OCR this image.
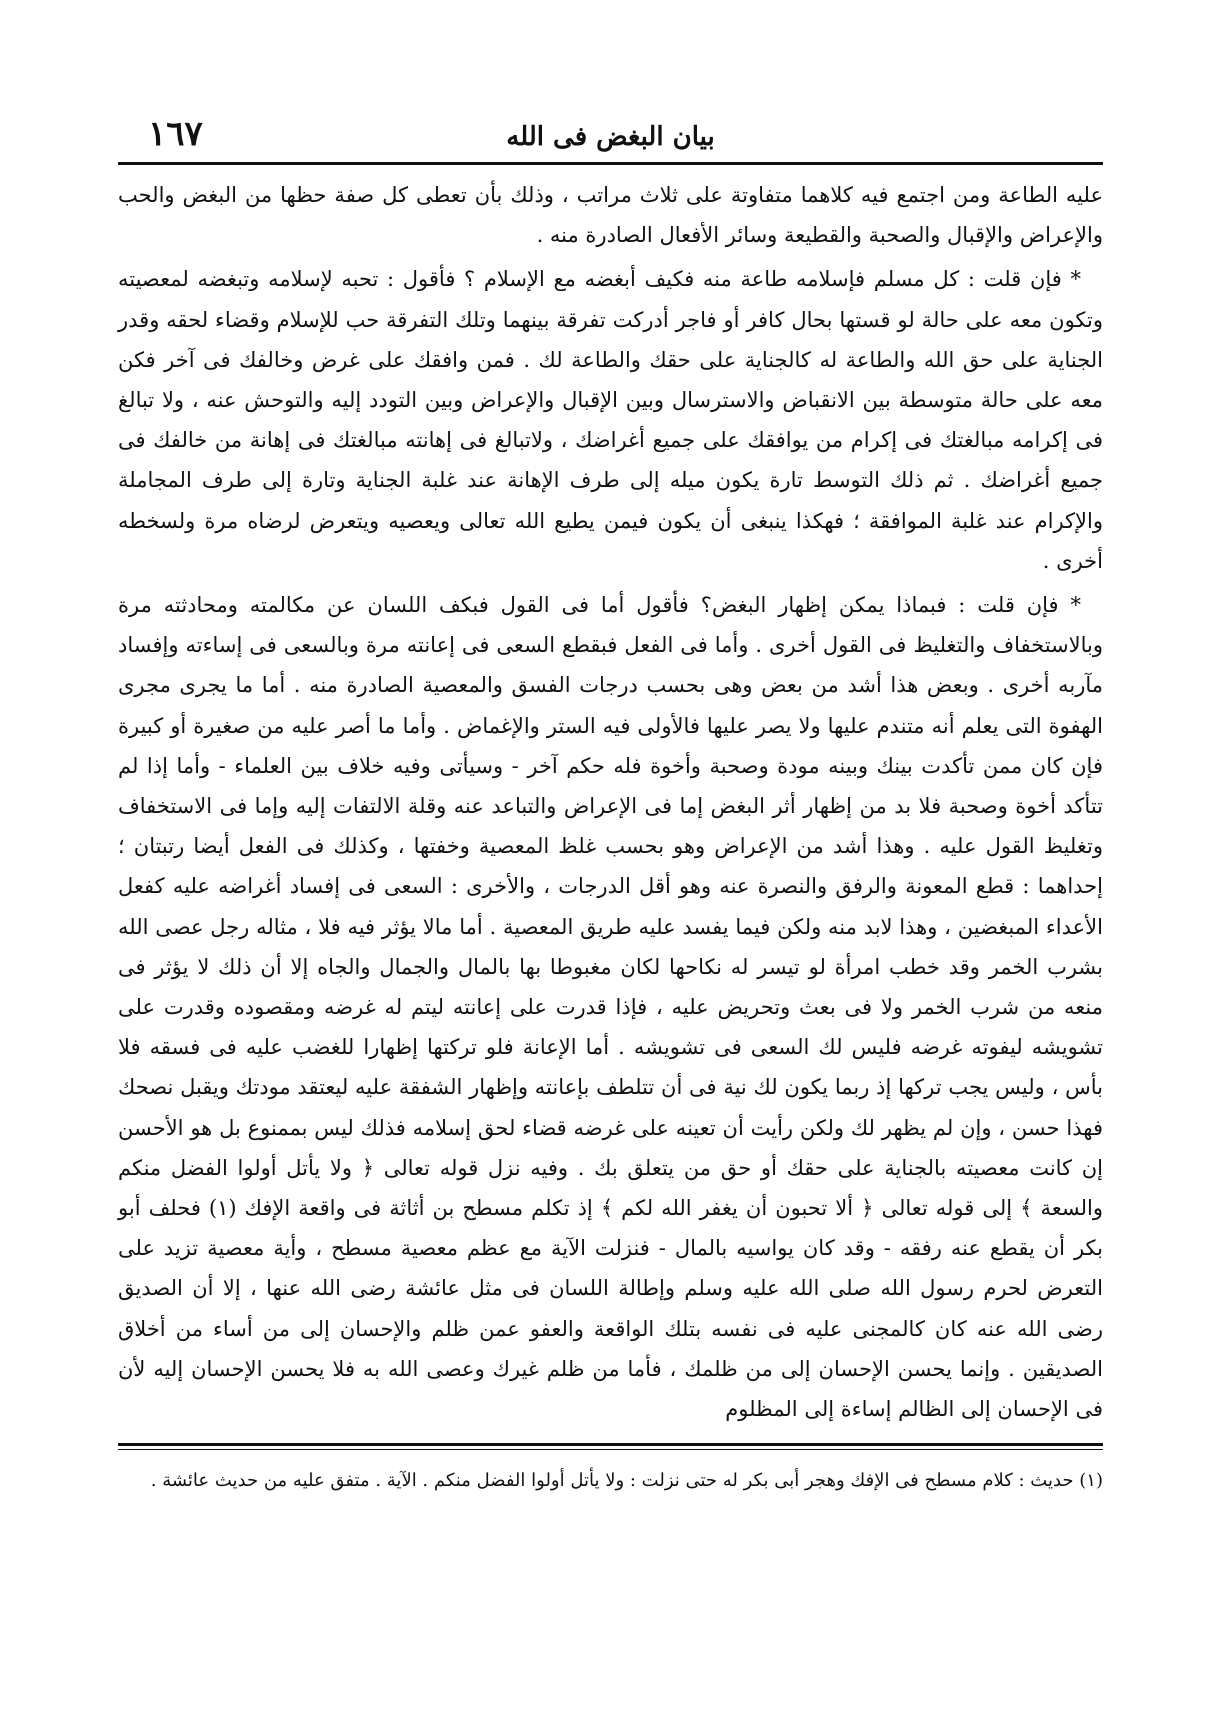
بيان البغض فى الله
١٦٧

عليه الطاعة ومن اجتمع فيه كلاهما متفاوتة على ثلاث مراتب ، وذلك بأن تعطى كل صفة حظها من البغض والحب والإعراض والإقبال والصحبة والقطيعة وسائر الأفعال الصادرة منه .

* فإن قلت : كل مسلم فإسلامه طاعة منه فكيف أبغضه مع الإسلام ؟ فأقول : تحبه لإسلامه وتبغضه لمعصيته وتكون معه على حالة لو قستها بحال كافر أو فاجر أدركت تفرقة بينهما وتلك التفرقة حب للإسلام وقضاء لحقه وقدر الجناية على حق الله والطاعة له كالجناية على حقك والطاعة لك . فمن وافقك على غرض وخالفك فى آخر فكن معه على حالة متوسطة بين الانقباض والاسترسال وبين الإقبال والإعراض وبين التودد إليه والتوحش عنه ، ولا تبالغ فى إكرامه مبالغتك فى إكرام من يوافقك على جميع أغراضك ، ولاتبالغ فى إهانته مبالغتك فى إهانة من خالفك فى جميع أغراضك . ثم ذلك التوسط تارة يكون ميله إلى طرف الإهانة عند غلبة الجناية وتارة إلى طرف المجاملة والإكرام عند غلبة الموافقة ؛ فهكذا ينبغى أن يكون فيمن يطيع الله تعالى ويعصيه ويتعرض لرضاه مرة ولسخطه أخرى .

* فإن قلت : فبماذا يمكن إظهار البغض؟ فأقول أما فى القول فبكف اللسان عن مكالمته ومحادثته مرة وبالاستخفاف والتغليظ فى القول أخرى . وأما فى الفعل فبقطع السعى فى إعانته مرة وبالسعى فى إساءته وإفساد مآربه أخرى . وبعض هذا أشد من بعض وهى بحسب درجات الفسق والمعصية الصادرة منه . أما ما يجرى مجرى الهفوة التى يعلم أنه متندم عليها ولا يصر عليها فالأولى فيه الستر والإغماض . وأما ما أصر عليه من صغيرة أو كبيرة فإن كان ممن تأكدت بينك وبينه مودة وصحبة وأخوة فله حكم آخر - وسيأتى وفيه خلاف بين العلماء - وأما إذا لم تتأكد أخوة وصحبة فلا بد من إظهار أثر البغض إما فى الإعراض والتباعد عنه وقلة الالتفات إليه وإما فى الاستخفاف وتغليظ القول عليه . وهذا أشد من الإعراض وهو بحسب غلظ المعصية وخفتها ، وكذلك فى الفعل أيضا رتبتان ؛ إحداهما : قطع المعونة والرفق والنصرة عنه وهو أقل الدرجات ، والأخرى : السعى فى إفساد أغراضه عليه كفعل الأعداء المبغضين ، وهذا لابد منه ولكن فيما يفسد عليه طريق المعصية . أما مالا يؤثر فيه فلا ، مثاله رجل عصى الله بشرب الخمر وقد خطب امرأة لو تيسر له نكاحها لكان مغبوطا بها بالمال والجمال والجاه إلا أن ذلك لا يؤثر فى منعه من شرب الخمر ولا فى بعث وتحريض عليه ، فإذا قدرت على إعانته ليتم له غرضه ومقصوده وقدرت على تشويشه ليفوته غرضه فليس لك السعى فى تشويشه . أما الإعانة فلو تركتها إظهارا للغضب عليه فى فسقه فلا بأس ، وليس يجب تركها إذ ربما يكون لك نية فى أن تتلطف بإعانته وإظهار الشفقة عليه ليعتقد مودتك ويقبل نصحك فهذا حسن ، وإن لم يظهر لك ولكن رأيت أن تعينه على غرضه قضاء لحق إسلامه فذلك ليس بممنوع بل هو الأحسن إن كانت معصيته بالجناية على حقك أو حق من يتعلق بك . وفيه نزل قوله تعالى ﴿ ولا يأتل أولوا الفضل منكم والسعة ﴾ إلى قوله تعالى ﴿ ألا تحبون أن يغفر الله لكم ﴾ إذ تكلم مسطح بن أثاثة فى واقعة الإفك (١) فحلف أبو بكر أن يقطع عنه رفقه - وقد كان يواسيه بالمال - فنزلت الآية مع عظم معصية مسطح ، وأية معصية تزيد على التعرض لحرم رسول الله صلى الله عليه وسلم وإطالة اللسان فى مثل عائشة رضى الله عنها ، إلا أن الصديق رضى الله عنه كان كالمجنى عليه فى نفسه بتلك الواقعة والعفو عمن ظلم والإحسان إلى من أساء من أخلاق الصديقين . وإنما يحسن الإحسان إلى من ظلمك ، فأما من ظلم غيرك وعصى الله به فلا يحسن الإحسان إليه لأن فى الإحسان إلى الظالم إساءة إلى المظلوم

(١) حديث : كلام مسطح فى الإفك وهجر أبى بكر له حتى نزلت : ولا يأتل أولوا الفضل منكم . الآية . متفق عليه من حديث عائشة .
